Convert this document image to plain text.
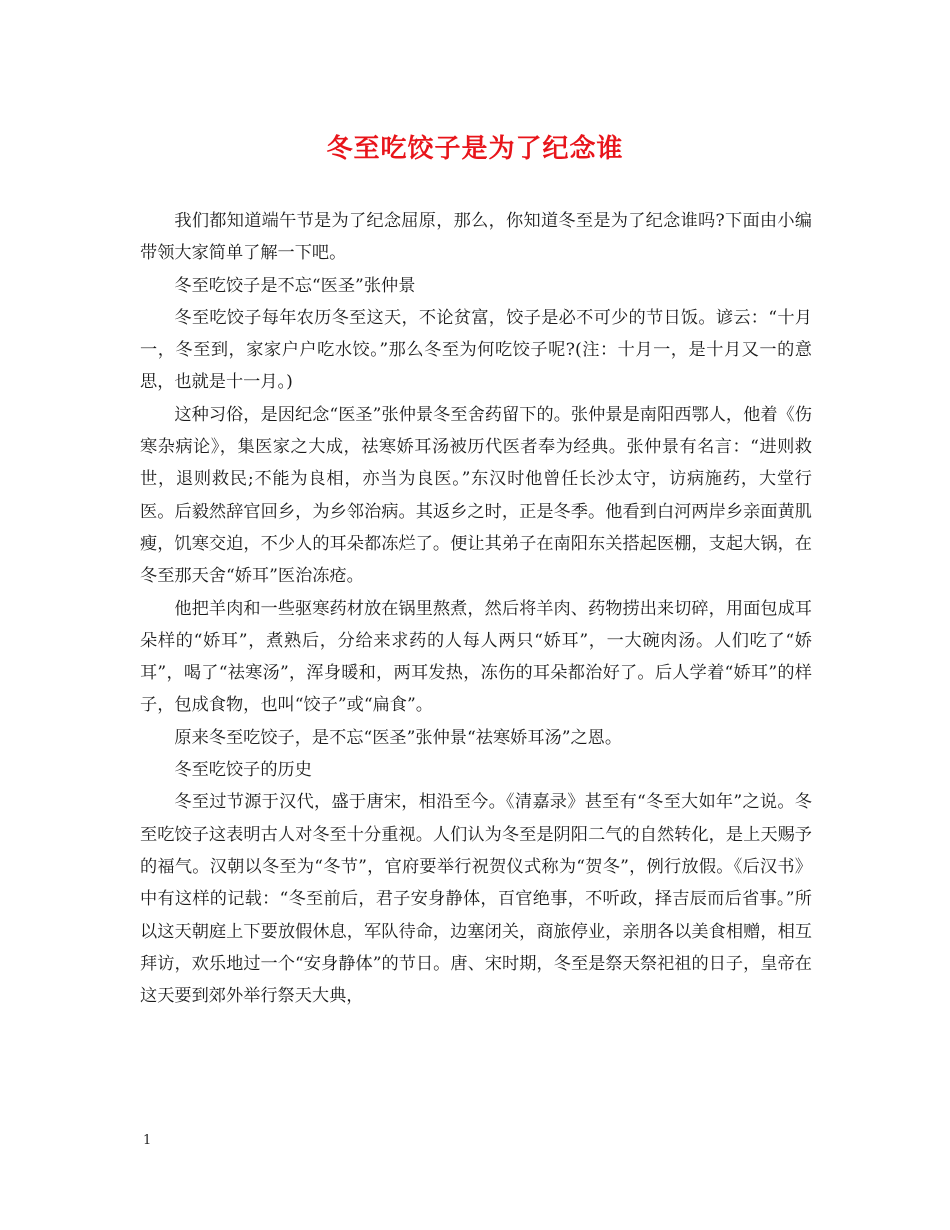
冬至吃饺子是为了纪念谁

我们都知道端午节是为了纪念屈原，那么，你知道冬至是为了纪念谁吗?下面由小编带领大家简单了解一下吧。

冬至吃饺子是不忘“医圣”张仲景

冬至吃饺子每年农历冬至这天，不论贫富，饺子是必不可少的节日饭。谚云：“十月一，冬至到，家家户户吃水饺。”那么冬至为何吃饺子呢?(注：十月一，是十月又一的意思，也就是十一月。)

这种习俗，是因纪念“医圣”张仲景冬至舍药留下的。张仲景是南阳西鄂人，他着《伤寒杂病论》，集医家之大成，祛寒娇耳汤被历代医者奉为经典。张仲景有名言：“进则救世，退则救民;不能为良相，亦当为良医。”东汉时他曾任长沙太守，访病施药，大堂行医。后毅然辞官回乡，为乡邻治病。其返乡之时，正是冬季。他看到白河两岸乡亲面黄肌瘦，饥寒交迫，不少人的耳朵都冻烂了。便让其弟子在南阳东关搭起医棚，支起大锅，在冬至那天舍“娇耳”医治冻疮。

他把羊肉和一些驱寒药材放在锅里熬煮，然后将羊肉、药物捞出来切碎，用面包成耳朵样的“娇耳”，煮熟后，分给来求药的人每人两只“娇耳”，一大碗肉汤。人们吃了“娇耳”，喝了“祛寒汤”，浑身暖和，两耳发热，冻伤的耳朵都治好了。后人学着“娇耳”的样子，包成食物，也叫“饺子”或“扁食”。

原来冬至吃饺子，是不忘“医圣”张仲景“祛寒娇耳汤”之恩。

冬至吃饺子的历史

冬至过节源于汉代，盛于唐宋，相沿至今。《清嘉录》甚至有“冬至大如年”之说。冬至吃饺子这表明古人对冬至十分重视。人们认为冬至是阴阳二气的自然转化，是上天赐予的福气。汉朝以冬至为“冬节”，官府要举行祝贺仪式称为“贺冬”，例行放假。《后汉书》中有这样的记载：“冬至前后，君子安身静体，百官绝事，不听政，择吉辰而后省事。”所以这天朝庭上下要放假休息，军队待命，边塞闭关，商旅停业，亲朋各以美食相赠，相互拜访，欢乐地过一个“安身静体”的节日。唐、宋时期，冬至是祭天祭祀祖的日子，皇帝在这天要到郊外举行祭天大典，

1
